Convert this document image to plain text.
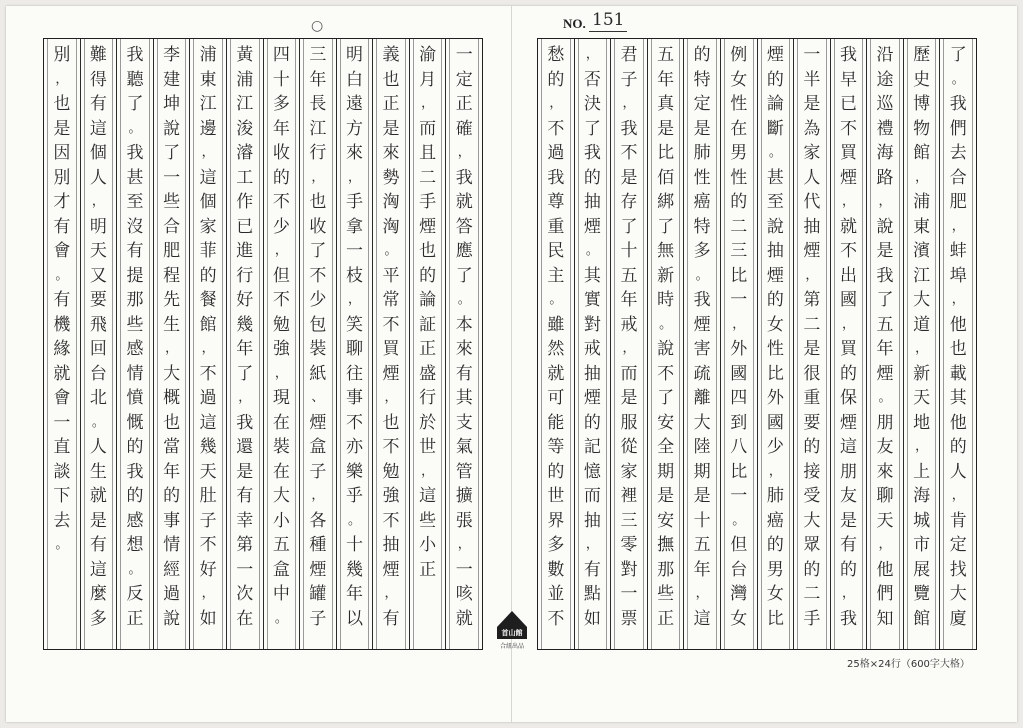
○	NO. 151
一
定
正
確
，
我
就
答
應
了
。
本
來
有
其
支
氣
管
擴
張
，
一
咳
就
渝
月
，
而
且
二
手
煙
也
的
論
証
正
盛
行
於
世
，
這
些
小
正
義
也
正
是
來
勢
洶
洶
。
平
常
不
買
煙
，
也
不
勉
強
不
抽
煙
，
有
明
白
遠
方
來
，
手
拿
一
枝
，
笑
聊
往
事
不
亦
樂
乎
。
十
幾
年
以
三
年
長
江
行
，
也
收
了
不
少
包
裝
紙
、
煙
盒
子
，
各
種
煙
罐
子
四
十
多
年
收
的
不
少
，
但
不
勉
強
，
現
在
裝
在
大
小
五
盒
中
。
黃
浦
江
浚
濬
工
作
已
進
行
好
幾
年
了
，
我
還
是
有
幸
第
一
次
在
浦
東
江
邊
，
這
個
家
菲
的
餐
館
，
不
過
這
幾
天
肚
子
不
好
，
如
李
建
坤
說
了
一
些
合
肥
程
先
生
，
大
概
也
當
年
的
事
情
經
過
說
我
聽
了
。
我
甚
至
沒
有
提
那
些
感
情
憤
慨
的
我
的
感
想
。
反
正
難
得
有
這
個
人
，
明
天
又
要
飛
回
台
北
。
人
生
就
是
有
這
麼
多
別
，
也
是
因
別
才
有
會
。
有
機
緣
就
會
一
直
談
下
去
。
了
。
我
們
去
合
肥
，
蚌
埠
，
他
也
載
其
他
的
人
，
肯
定
找
大
廈
歷
史
博
物
館
，
浦
東
濱
江
大
道
，
新
天
地
，
上
海
城
市
展
覽
館
沿
途
巡
禮
海
路
，
說
是
我
了
五
年
煙
。
朋
友
來
聊
天
，
他
們
知
我
早
已
不
買
煙
，
就
不
出
國
，
買
的
保
煙
這
朋
友
是
有
的
，
我
一
半
是
為
家
人
代
抽
煙
，
第
二
是
很
重
要
的
接
受
大
眾
的
二
手
煙
的
論
斷
。
甚
至
說
抽
煙
的
女
性
比
外
國
少
，
肺
癌
的
男
女
比
例
女
性
在
男
性
的
二
三
比
一
，
外
國
四
到
八
比
一
。
但
台
灣
女
的
特
定
是
肺
性
癌
特
多
。
我
煙
害
疏
離
大
陸
期
是
十
五
年
，
這
五
年
真
是
比
佰
綁
了
無
新
時
。
說
不
了
安
全
期
是
安
撫
那
些
正
君
子
，
我
不
是
存
了
十
五
年
戒
，
而
是
服
從
家
裡
三
零
對
一
票
，
否
決
了
我
的
抽
煙
。
其
實
對
戒
抽
煙
的
記
憶
而
抽
，
有
點
如
愁
的
，
不
過
我
尊
重
民
主
。
雖
然
就
可
能
等
的
世
界
多
數
並
不
首山館
合紐出品
25格×24行（600字大格）
